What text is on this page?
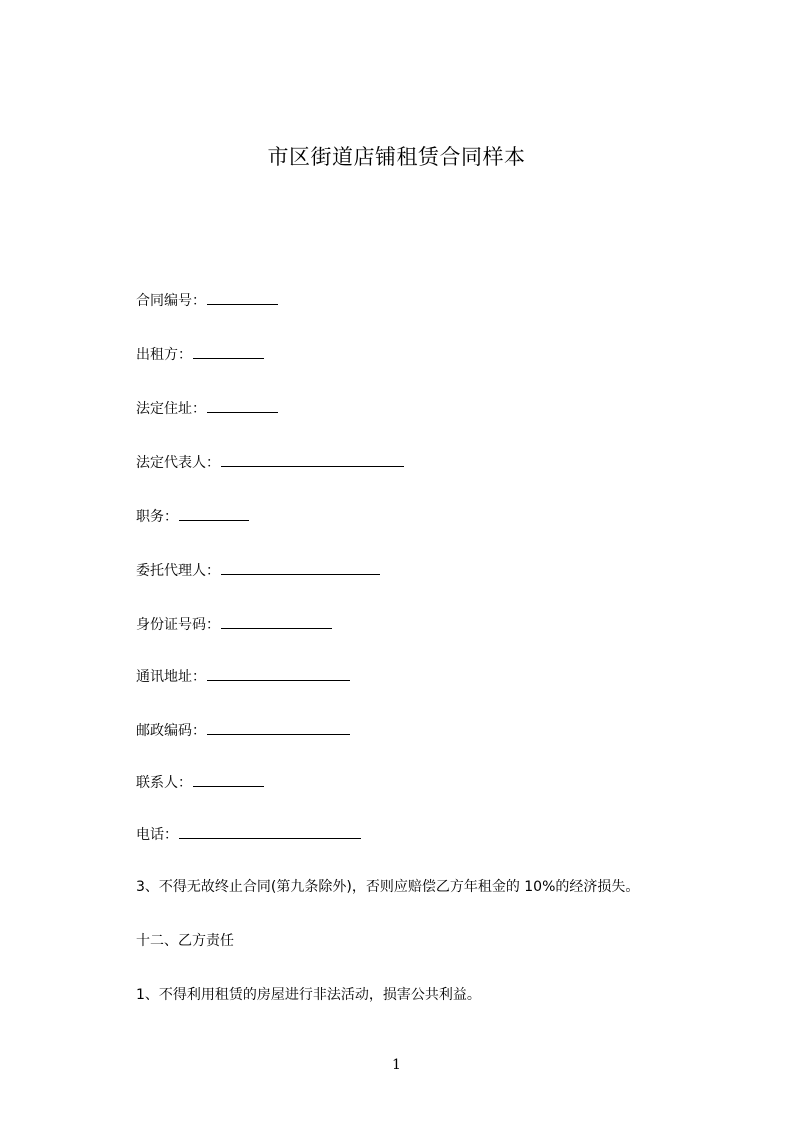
市区街道店铺租赁合同样本
合同编号：
出租方：
法定住址：
法定代表人：
职务：
委托代理人：
身份证号码：
通讯地址：
邮政编码：
联系人：
电话：
3、不得无故终止合同(第九条除外)，否则应赔偿乙方年租金的 10%的经济损失。
十二、乙方责任
1、不得利用租赁的房屋进行非法活动，损害公共利益。
1
